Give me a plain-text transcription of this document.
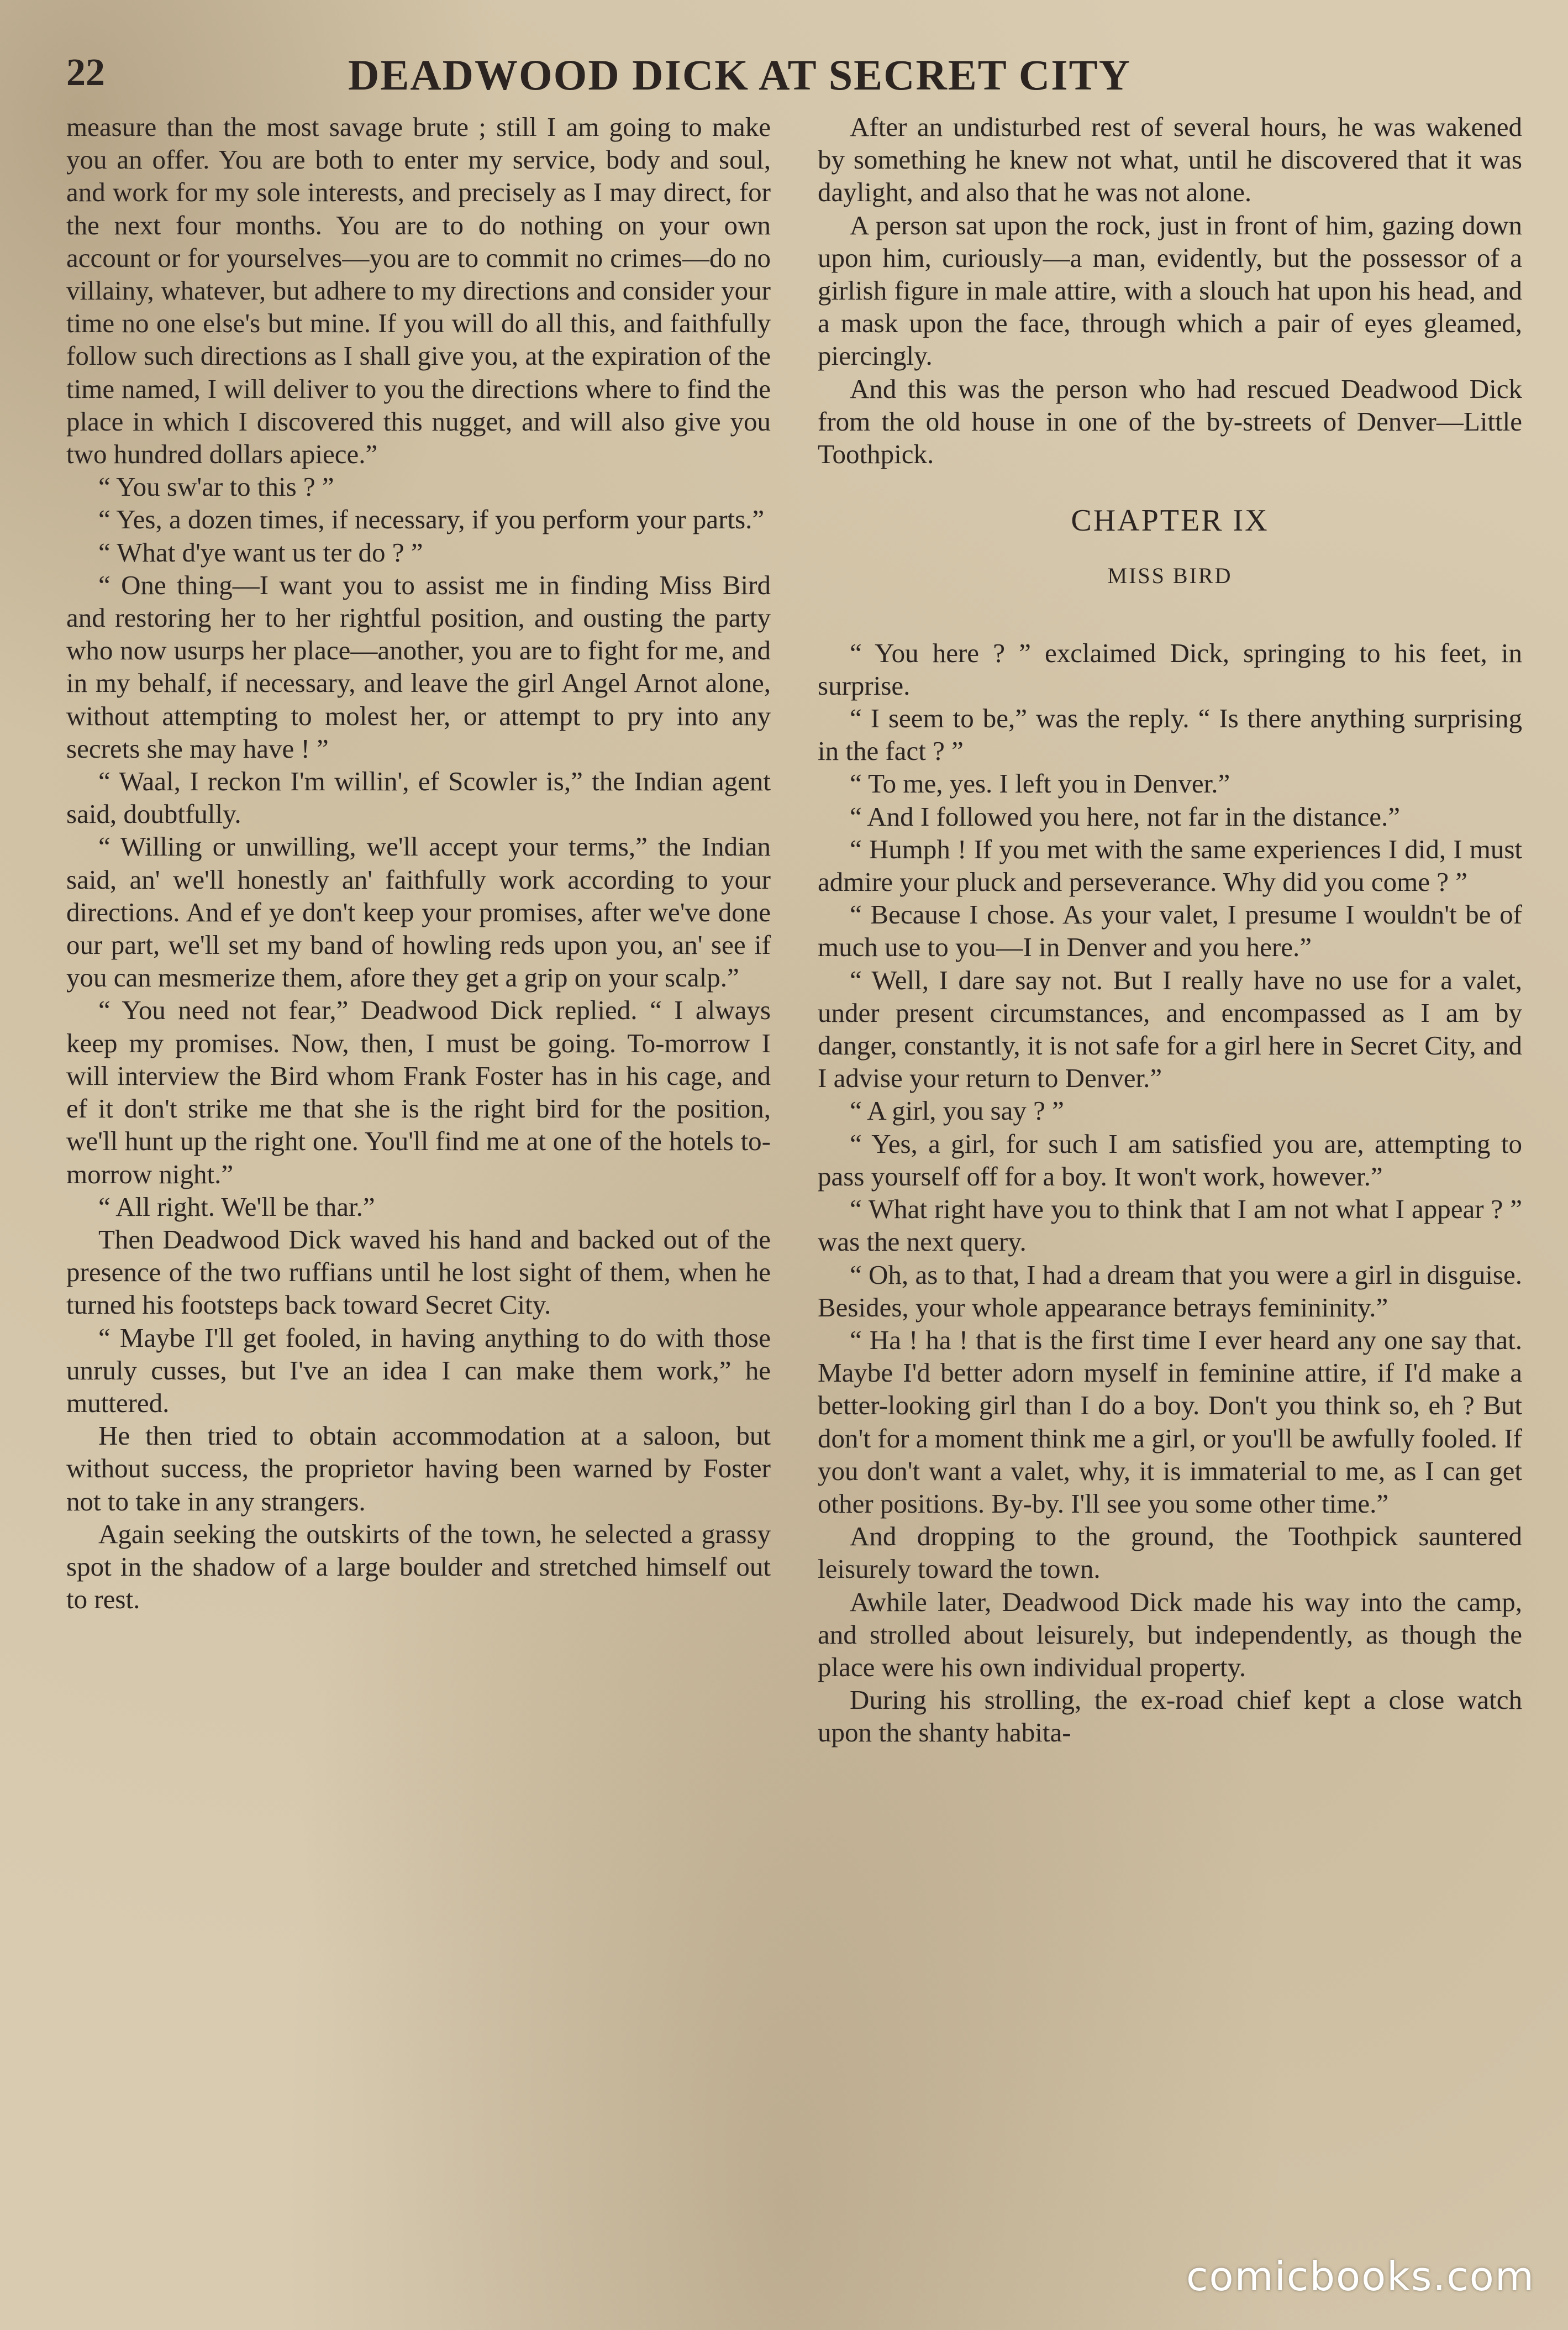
22	DEADWOOD DICK AT SECRET CITY

measure than the most savage brute ; still I am going to make you an offer. You are both to enter my service, body and soul, and work for my sole interests, and precisely as I may direct, for the next four months. You are to do nothing on your own account or for yourselves—you are to commit no crimes—do no villainy, whatever, but adhere to my directions and consider your time no one else's but mine. If you will do all this, and faithfully follow such directions as I shall give you, at the expiration of the time named, I will deliver to you the directions where to find the place in which I discovered this nugget, and will also give you two hundred dollars apiece.”

“ You sw'ar to this ? ”

“ Yes, a dozen times, if necessary, if you perform your parts.”

“ What d'ye want us ter do ? ”

“ One thing—I want you to assist me in finding Miss Bird and restoring her to her rightful position, and ousting the party who now usurps her place—another, you are to fight for me, and in my behalf, if necessary, and leave the girl Angel Arnot alone, without attempting to molest her, or attempt to pry into any secrets she may have ! ”

“ Waal, I reckon I'm willin', ef Scowler is,” the Indian agent said, doubtfully.

“ Willing or unwilling, we'll accept your terms,” the Indian said, an' we'll honestly an' faithfully work according to your directions. And ef ye don't keep your promises, after we've done our part, we'll set my band of howling reds upon you, an' see if you can mesmerize them, afore they get a grip on your scalp.”

“ You need not fear,” Deadwood Dick replied. “ I always keep my promises. Now, then, I must be going. To-morrow I will interview the Bird whom Frank Foster has in his cage, and ef it don't strike me that she is the right bird for the position, we'll hunt up the right one. You'll find me at one of the hotels to-morrow night.”

“ All right. We'll be thar.”

Then Deadwood Dick waved his hand and backed out of the presence of the two ruffians until he lost sight of them, when he turned his footsteps back toward Secret City.

“ Maybe I'll get fooled, in having anything to do with those unruly cusses, but I've an idea I can make them work,” he muttered.

He then tried to obtain accommodation at a saloon, but without success, the proprietor having been warned by Foster not to take in any strangers.

Again seeking the outskirts of the town, he selected a grassy spot in the shadow of a large boulder and stretched himself out to rest.

After an undisturbed rest of several hours, he was wakened by something he knew not what, until he discovered that it was daylight, and also that he was not alone.

A person sat upon the rock, just in front of him, gazing down upon him, curiously—a man, evidently, but the possessor of a girlish figure in male attire, with a slouch hat upon his head, and a mask upon the face, through which a pair of eyes gleamed, piercingly.

And this was the person who had rescued Deadwood Dick from the old house in one of the by-streets of Denver—Little Toothpick.

CHAPTER IX
MISS BIRD

“ You here ? ” exclaimed Dick, springing to his feet, in surprise.

“ I seem to be,” was the reply. “ Is there anything surprising in the fact ? ”

“ To me, yes. I left you in Denver.”

“ And I followed you here, not far in the distance.”

“ Humph ! If you met with the same experiences I did, I must admire your pluck and perseverance. Why did you come ? ”

“ Because I chose. As your valet, I presume I wouldn't be of much use to you—I in Denver and you here.”

“ Well, I dare say not. But I really have no use for a valet, under present circumstances, and encompassed as I am by danger, constantly, it is not safe for a girl here in Secret City, and I advise your return to Denver.”

“ A girl, you say ? ”

“ Yes, a girl, for such I am satisfied you are, attempting to pass yourself off for a boy. It won't work, however.”

“ What right have you to think that I am not what I appear ? ” was the next query.

“ Oh, as to that, I had a dream that you were a girl in disguise. Besides, your whole appearance betrays femininity.”

“ Ha ! ha ! that is the first time I ever heard any one say that. Maybe I'd better adorn myself in feminine attire, if I'd make a better-looking girl than I do a boy. Don't you think so, eh ? But don't for a moment think me a girl, or you'll be awfully fooled. If you don't want a valet, why, it is immaterial to me, as I can get other positions. By-by. I'll see you some other time.”

And dropping to the ground, the Toothpick sauntered leisurely toward the town.

Awhile later, Deadwood Dick made his way into the camp, and strolled about leisurely, but independently, as though the place were his own individual property.

During his strolling, the ex-road chief kept a close watch upon the shanty habita-

comicbooks.com
